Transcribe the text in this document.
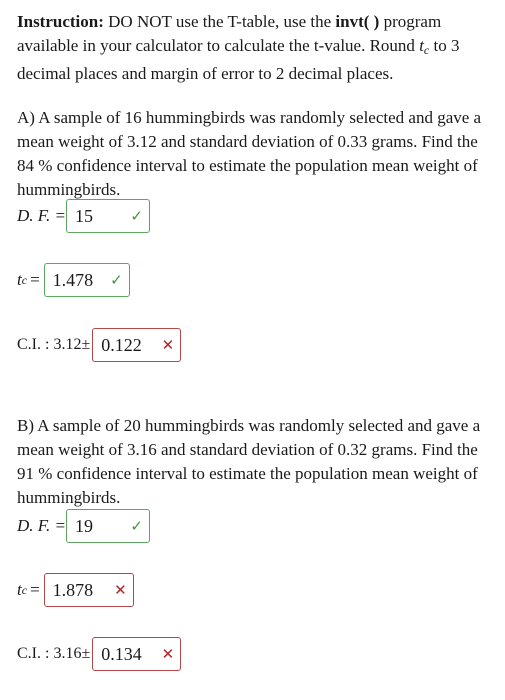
Instruction: DO NOT use the T-table, use the invt( ) program available in your calculator to calculate the t-value. Round $t_c$ to 3 decimal places and margin of error to 2 decimal places.

A) A sample of 16 hummingbirds was randomly selected and gave a mean weight of 3.12 and standard deviation of 0.33 grams. Find the 84 % confidence interval to estimate the population mean weight of hummingbirds.

D. F. = 15 ✓
t c = 1.478 ✓
C.I. : 3.12± 0.122 ✕

B) A sample of 20 hummingbirds was randomly selected and gave a mean weight of 3.16 and standard deviation of 0.32 grams. Find the 91 % confidence interval to estimate the population mean weight of hummingbirds.

D. F. = 19 ✓
t c = 1.878 ✕
C.I. : 3.16± 0.134 ✕
